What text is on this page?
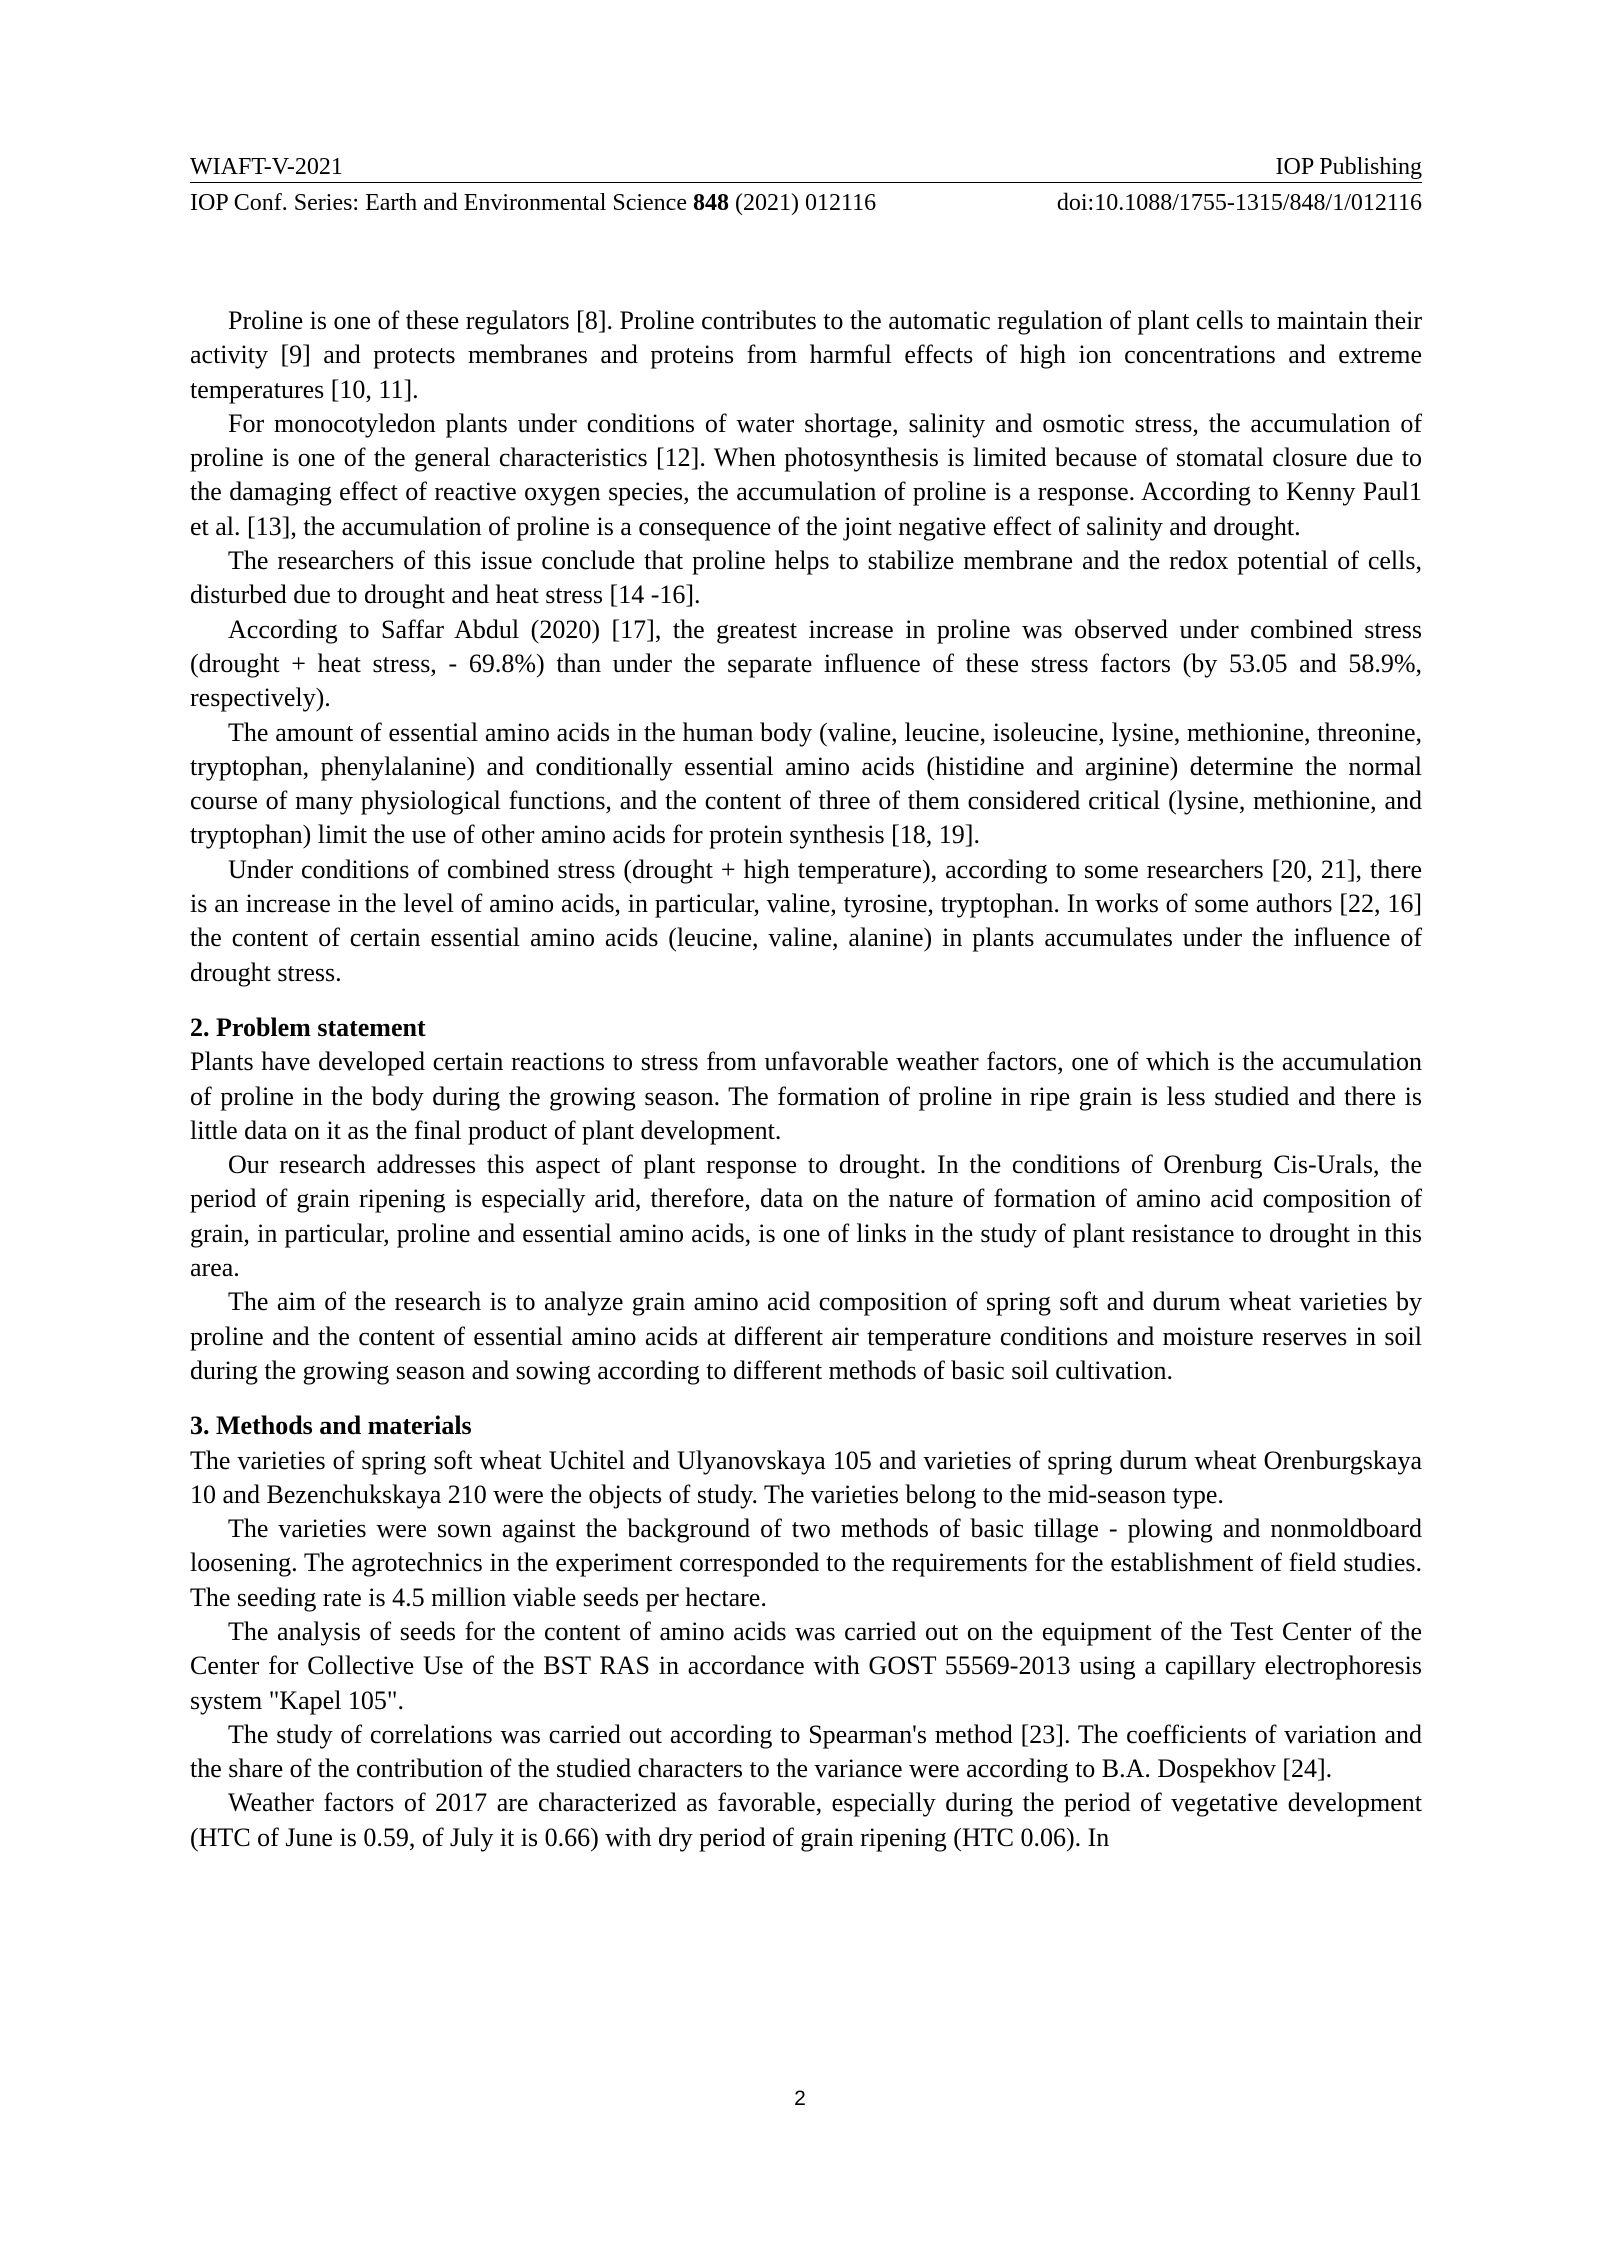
WIAFT-V-2021	IOP Publishing
IOP Conf. Series: Earth and Environmental Science 848 (2021) 012116	doi:10.1088/1755-1315/848/1/012116

Proline is one of these regulators [8]. Proline contributes to the automatic regulation of plant cells to maintain their activity [9] and protects membranes and proteins from harmful effects of high ion concentrations and extreme temperatures [10, 11].

For monocotyledon plants under conditions of water shortage, salinity and osmotic stress, the accumulation of proline is one of the general characteristics [12]. When photosynthesis is limited because of stomatal closure due to the damaging effect of reactive oxygen species, the accumulation of proline is a response. According to Kenny Paul1 et al. [13], the accumulation of proline is a consequence of the joint negative effect of salinity and drought.

The researchers of this issue conclude that proline helps to stabilize membrane and the redox potential of cells, disturbed due to drought and heat stress [14 -16].

According to Saffar Abdul (2020) [17], the greatest increase in proline was observed under combined stress (drought + heat stress, - 69.8%) than under the separate influence of these stress factors (by 53.05 and 58.9%, respectively).

The amount of essential amino acids in the human body (valine, leucine, isoleucine, lysine, methionine, threonine, tryptophan, phenylalanine) and conditionally essential amino acids (histidine and arginine) determine the normal course of many physiological functions, and the content of three of them considered critical (lysine, methionine, and tryptophan) limit the use of other amino acids for protein synthesis [18, 19].

Under conditions of combined stress (drought + high temperature), according to some researchers [20, 21], there is an increase in the level of amino acids, in particular, valine, tyrosine, tryptophan. In works of some authors [22, 16] the content of certain essential amino acids (leucine, valine, alanine) in plants accumulates under the influence of drought stress.

2. Problem statement

Plants have developed certain reactions to stress from unfavorable weather factors, one of which is the accumulation of proline in the body during the growing season. The formation of proline in ripe grain is less studied and there is little data on it as the final product of plant development.

Our research addresses this aspect of plant response to drought. In the conditions of Orenburg Cis-Urals, the period of grain ripening is especially arid, therefore, data on the nature of formation of amino acid composition of grain, in particular, proline and essential amino acids, is one of links in the study of plant resistance to drought in this area.

The aim of the research is to analyze grain amino acid composition of spring soft and durum wheat varieties by proline and the content of essential amino acids at different air temperature conditions and moisture reserves in soil during the growing season and sowing according to different methods of basic soil cultivation.

3. Methods and materials

The varieties of spring soft wheat Uchitel and Ulyanovskaya 105 and varieties of spring durum wheat Orenburgskaya 10 and Bezenchukskaya 210 were the objects of study. The varieties belong to the mid-season type.

The varieties were sown against the background of two methods of basic tillage - plowing and nonmoldboard loosening. The agrotechnics in the experiment corresponded to the requirements for the establishment of field studies. The seeding rate is 4.5 million viable seeds per hectare.

The analysis of seeds for the content of amino acids was carried out on the equipment of the Test Center of the Center for Collective Use of the BST RAS in accordance with GOST 55569-2013 using a capillary electrophoresis system "Kapel 105".

The study of correlations was carried out according to Spearman's method [23]. The coefficients of variation and the share of the contribution of the studied characters to the variance were according to B.A. Dospekhov [24].

Weather factors of 2017 are characterized as favorable, especially during the period of vegetative development (HTC of June is 0.59, of July it is 0.66) with dry period of grain ripening (HTC 0.06). In

2
